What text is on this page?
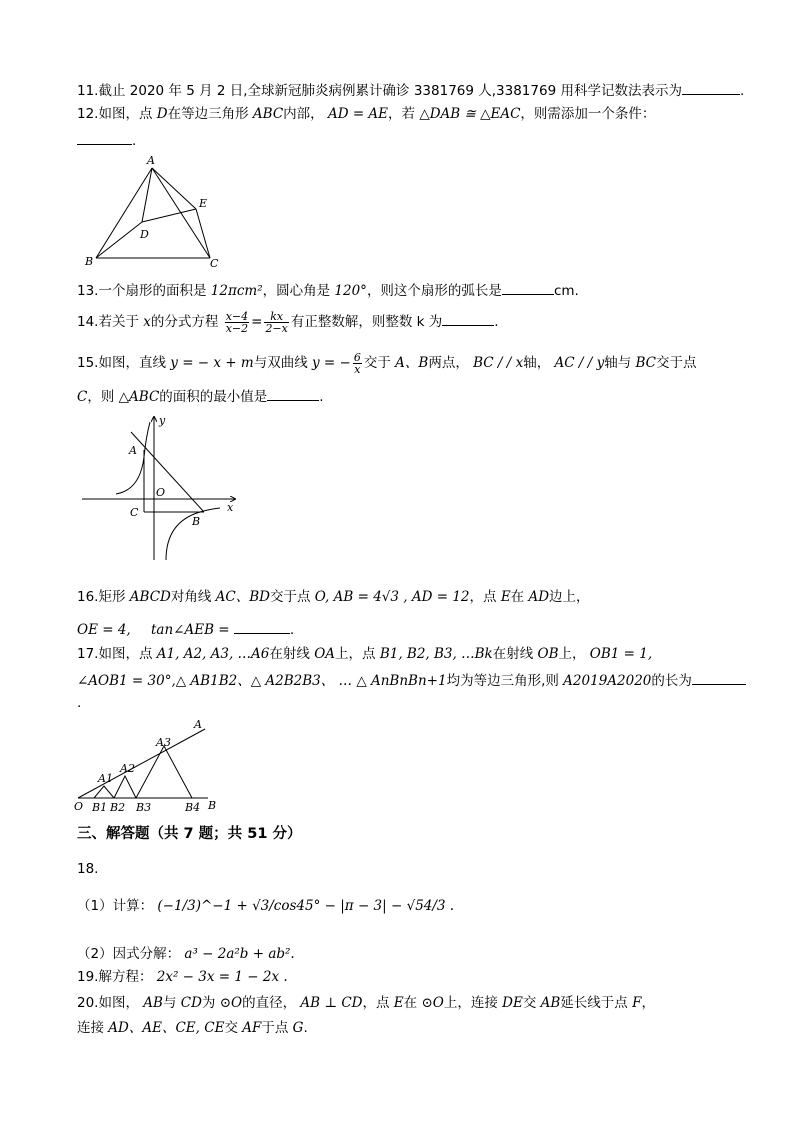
11.截止 2020 年 5 月 2 日,全球新冠肺炎病例累计确诊 3381769 人,3381769 用科学记数法表示为	.
12.如图，点 D在等边三角形 ABC内部， AD = AE，若 △DAB ≅ △EAC，则需添加一个条件：
.
A
B	C
D
E
13.一个扇形的面积是 12πcm²，圆心角是 120°，则这个扇形的弧长是	cm.
14.若关于 x的分式方程 $\frac{x-4}{x-2} = \frac{kx}{2-x}$ 有正整数解，则整数 k 为	.
15.如图，直线 y = − x + m与双曲线 y = − $\frac{6}{x}$ 交于 A、B两点， BC / / x轴， AC / / y轴与 BC交于点
C，则 △ABC的面积的最小值是	.
y
x
A
O
C
B
16.矩形 ABCD对角线 AC、BD交于点 O, AB = 4√3 , AD = 12，点 E在 AD边上，
OE = 4, tan∠AEB =	.
17.如图，点 A1, A2, A3, …A6在射线 OA上，点 B1, B2, B3, …Bk在射线 OB上， OB1 = 1,
∠AOB1 = 30°,△ AB1B2、△ A2B2B3、 … △ AnBnBn+1均为等边三角形,则 A2019A2020的长为
.
A
B
O
A1
A2
A3
B1 B2 B3	B4
三、解答题（共 7 题；共 51 分）
18.
（1）计算： (−1/3)^−1 + √3/cos45° − |π − 3| − √54/3 .
（2）因式分解： a³ − 2a²b + ab².
19.解方程： 2x² − 3x = 1 − 2x .
20.如图， AB与 CD为 ⊙O的直径， AB ⊥ CD，点 E在 ⊙O上，连接 DE交 AB延长线于点 F，
连接 AD、AE、CE, CE交 AF于点 G.
